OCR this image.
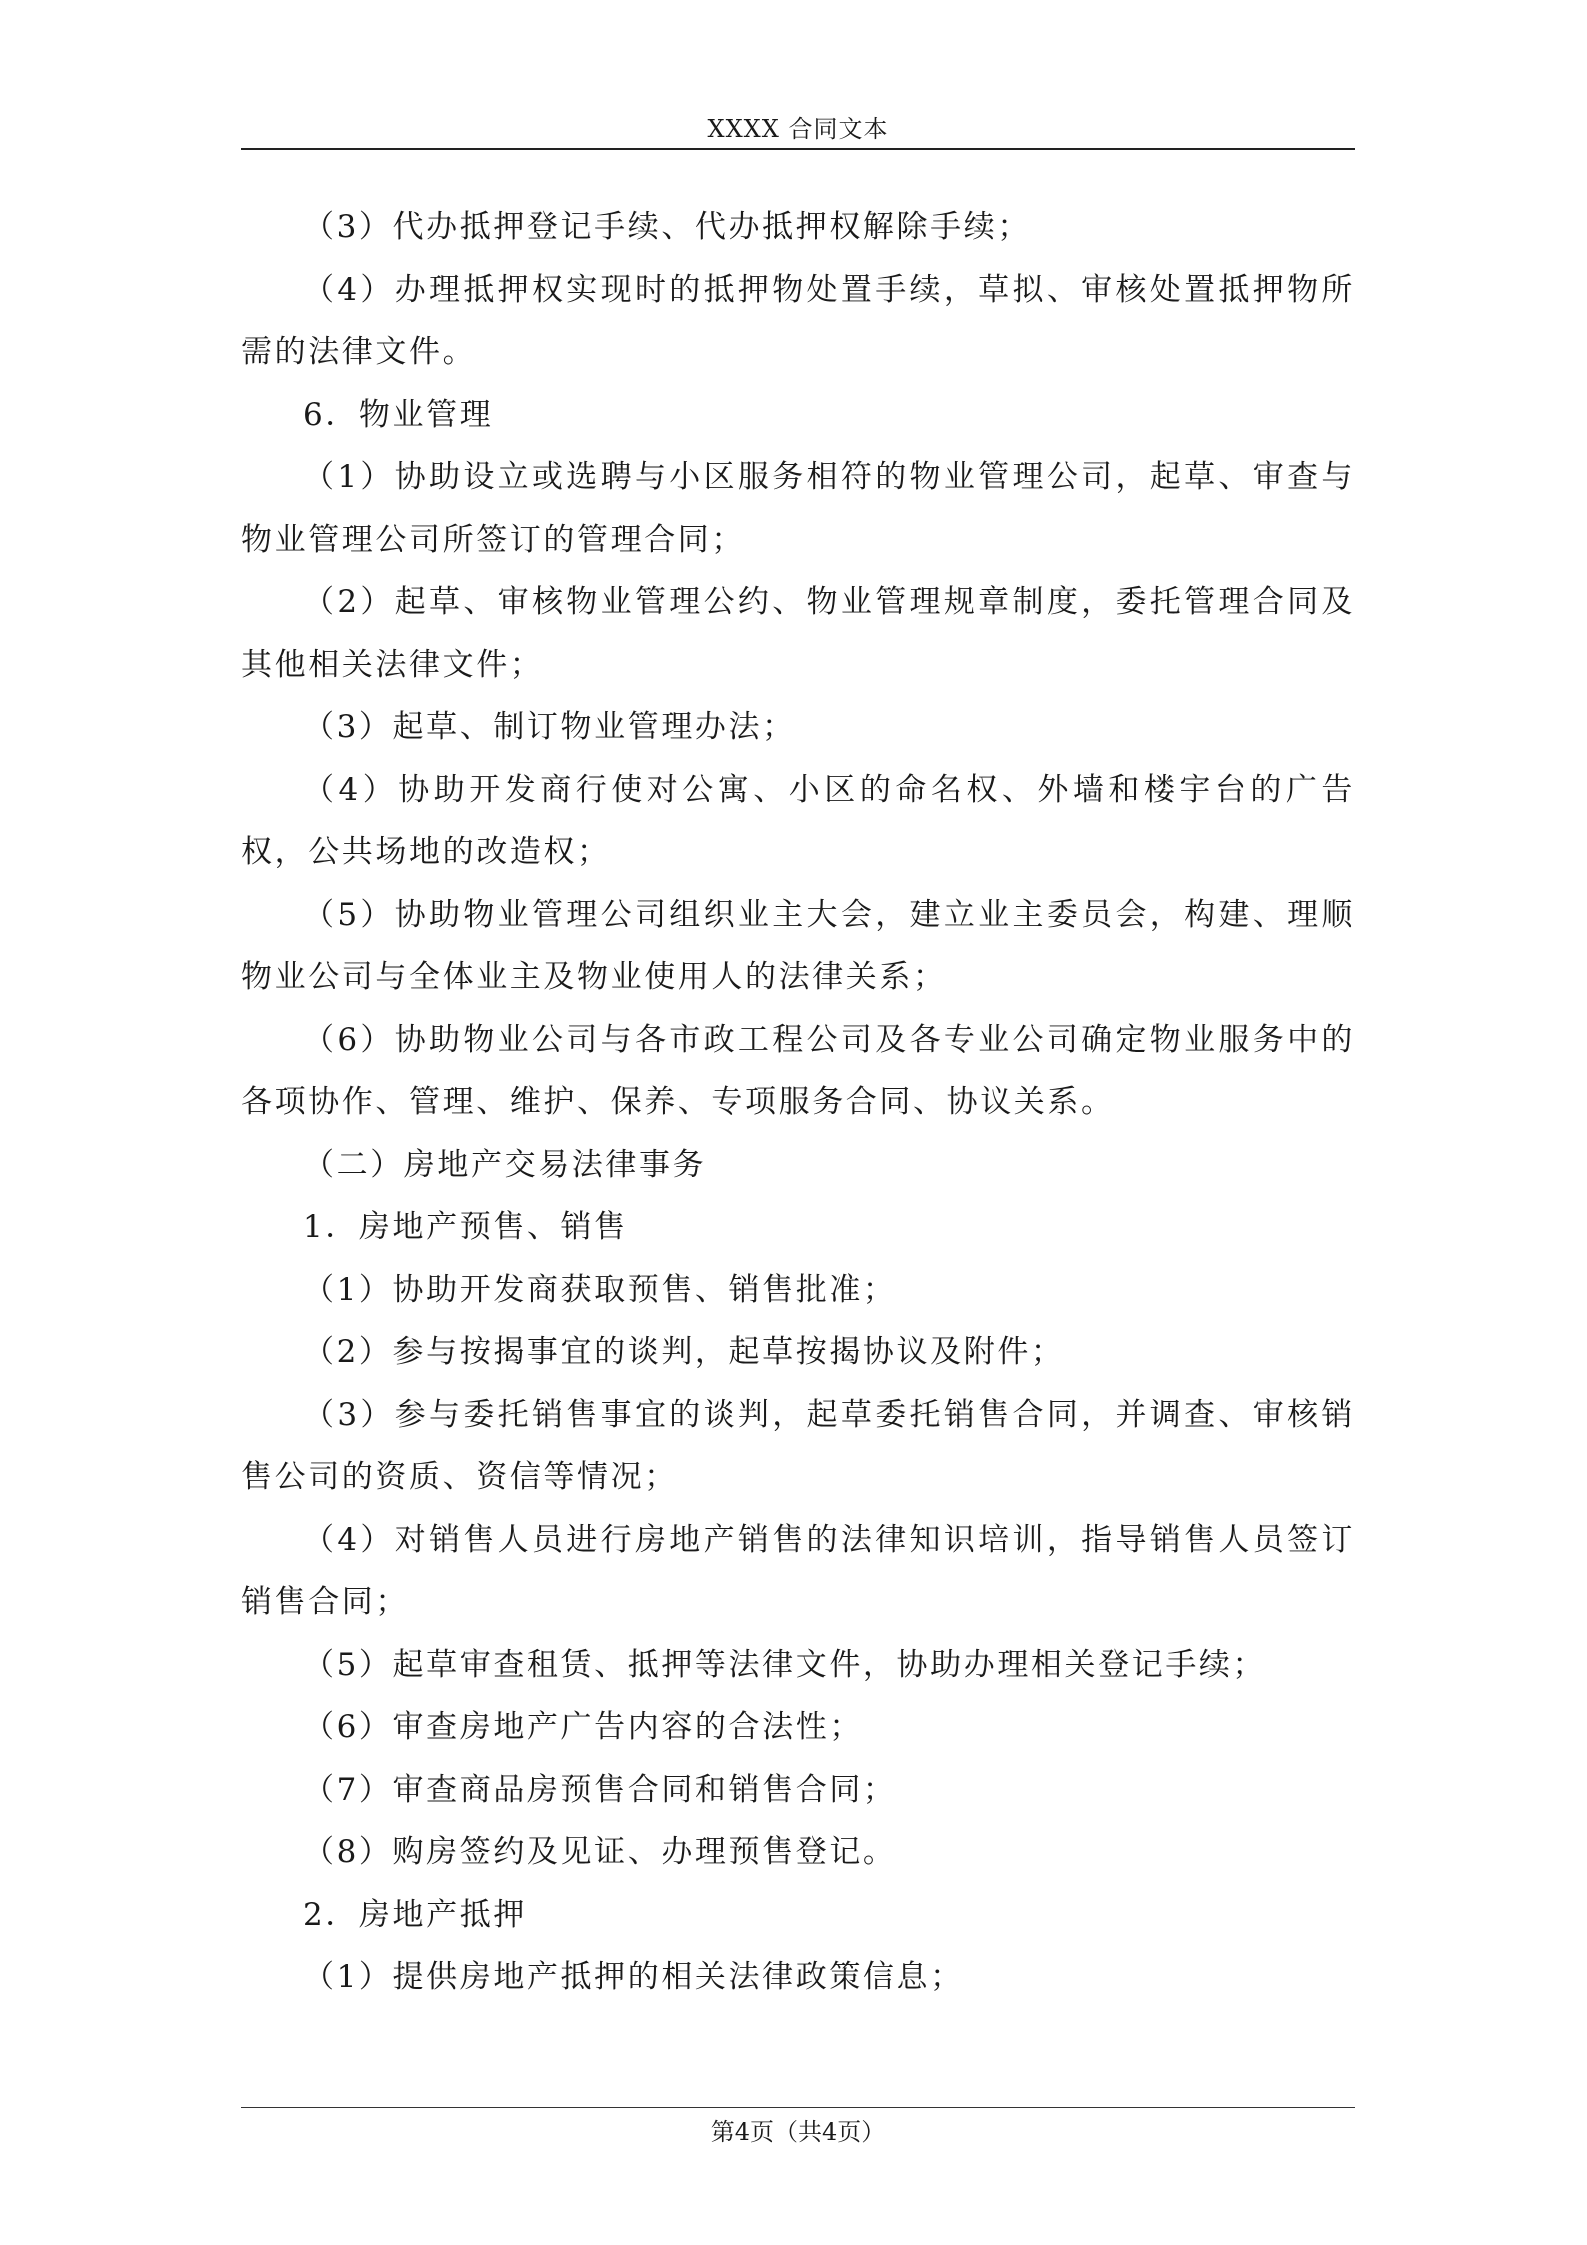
XXXX 合同文本

（3）代办抵押登记手续、代办抵押权解除手续；

（4）办理抵押权实现时的抵押物处置手续，草拟、审核处置抵押物所需的法律文件。

6．物业管理

（1）协助设立或选聘与小区服务相符的物业管理公司，起草、审查与物业管理公司所签订的管理合同；

（2）起草、审核物业管理公约、物业管理规章制度，委托管理合同及其他相关法律文件；

（3）起草、制订物业管理办法；

（4）协助开发商行使对公寓、小区的命名权、外墙和楼宇台的广告权，公共场地的改造权；

（5）协助物业管理公司组织业主大会，建立业主委员会，构建、理顺物业公司与全体业主及物业使用人的法律关系；

（6）协助物业公司与各市政工程公司及各专业公司确定物业服务中的各项协作、管理、维护、保养、专项服务合同、协议关系。

（二）房地产交易法律事务

1．房地产预售、销售

（1）协助开发商获取预售、销售批准；

（2）参与按揭事宜的谈判，起草按揭协议及附件；

（3）参与委托销售事宜的谈判，起草委托销售合同，并调查、审核销售公司的资质、资信等情况；

（4）对销售人员进行房地产销售的法律知识培训，指导销售人员签订销售合同；

（5）起草审查租赁、抵押等法律文件，协助办理相关登记手续；

（6）审查房地产广告内容的合法性；

（7）审查商品房预售合同和销售合同；

（8）购房签约及见证、办理预售登记。

2．房地产抵押

（1）提供房地产抵押的相关法律政策信息；

第4页（共4页）
